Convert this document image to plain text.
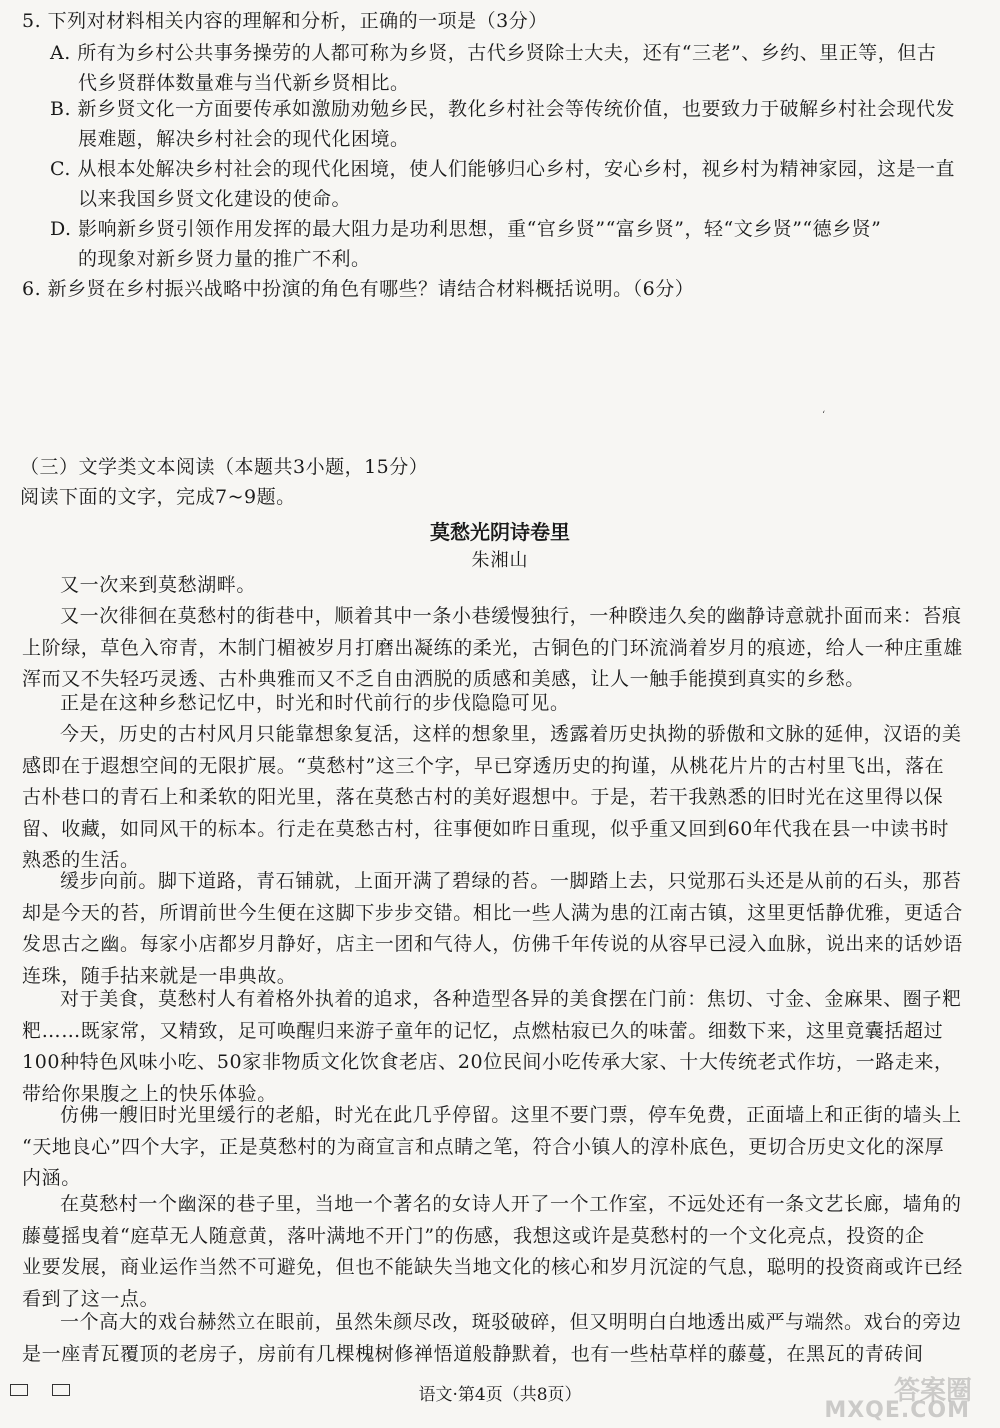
5. 下列对材料相关内容的理解和分析，正确的一项是（3分）
A. 所有为乡村公共事务操劳的人都可称为乡贤，古代乡贤除士大夫，还有“三老”、乡约、里正等，但古
代乡贤群体数量难与当代新乡贤相比。
B. 新乡贤文化一方面要传承如激励劝勉乡民，教化乡村社会等传统价值，也要致力于破解乡村社会现代发
展难题，解决乡村社会的现代化困境。
C. 从根本处解决乡村社会的现代化困境，使人们能够归心乡村，安心乡村，视乡村为精神家园，这是一直
以来我国乡贤文化建设的使命。
D. 影响新乡贤引领作用发挥的最大阻力是功利思想，重“官乡贤”“富乡贤”，轻“文乡贤”“德乡贤”
的现象对新乡贤力量的推广不利。
6. 新乡贤在乡村振兴战略中扮演的角色有哪些？请结合材料概括说明。（6分）
ʻ
（三）文学类文本阅读（本题共3小题，15分）
阅读下面的文字，完成7~9题。
莫愁光阴诗卷里
朱湘山
又一次来到莫愁湖畔。
又一次徘徊在莫愁村的街巷中，顺着其中一条小巷缓慢独行，一种睽违久矣的幽静诗意就扑面而来：苔痕
上阶绿，草色入帘青，木制门楣被岁月打磨出凝练的柔光，古铜色的门环流淌着岁月的痕迹，给人一种庄重雄
浑而又不失轻巧灵透、古朴典雅而又不乏自由洒脱的质感和美感，让人一触手能摸到真实的乡愁。
正是在这种乡愁记忆中，时光和时代前行的步伐隐隐可见。
今天，历史的古村风月只能靠想象复活，这样的想象里，透露着历史执拗的骄傲和文脉的延伸，汉语的美
感即在于遐想空间的无限扩展。“莫愁村”这三个字，早已穿透历史的拘谨，从桃花片片的古村里飞出，落在
古朴巷口的青石上和柔软的阳光里，落在莫愁古村的美好遐想中。于是，若干我熟悉的旧时光在这里得以保
留、收藏，如同风干的标本。行走在莫愁古村，往事便如昨日重现，似乎重又回到60年代我在县一中读书时
熟悉的生活。
缓步向前。脚下道路，青石铺就，上面开满了碧绿的苔。一脚踏上去，只觉那石头还是从前的石头，那苔
却是今天的苔，所谓前世今生便在这脚下步步交错。相比一些人满为患的江南古镇，这里更恬静优雅，更适合
发思古之幽。每家小店都岁月静好，店主一团和气待人，仿佛千年传说的从容早已浸入血脉，说出来的话妙语
连珠，随手拈来就是一串典故。
对于美食，莫愁村人有着格外执着的追求，各种造型各异的美食摆在门前：焦切、寸金、金麻果、圈子粑
粑……既家常，又精致，足可唤醒归来游子童年的记忆，点燃枯寂已久的味蕾。细数下来，这里竟囊括超过
100种特色风味小吃、50家非物质文化饮食老店、20位民间小吃传承大家、十大传统老式作坊，一路走来，
带给你果腹之上的快乐体验。
仿佛一艘旧时光里缓行的老船，时光在此几乎停留。这里不要门票，停车免费，正面墙上和正街的墙头上
“天地良心”四个大字，正是莫愁村的为商宣言和点睛之笔，符合小镇人的淳朴底色，更切合历史文化的深厚
内涵。
在莫愁村一个幽深的巷子里，当地一个著名的女诗人开了一个工作室，不远处还有一条文艺长廊，墙角的
藤蔓摇曳着“庭草无人随意黄，落叶满地不开门”的伤感，我想这或许是莫愁村的一个文化亮点，投资的企
业要发展，商业运作当然不可避免，但也不能缺失当地文化的核心和岁月沉淀的气息，聪明的投资商或许已经
看到了这一点。
一个高大的戏台赫然立在眼前，虽然朱颜尽改，斑驳破碎，但又明明白白地透出威严与端然。戏台的旁边
是一座青瓦覆顶的老房子，房前有几棵槐树修禅悟道般静默着，也有一些枯草样的藤蔓，在黑瓦的青砖间
语文·第4页（共8页）	答案圈
MXQE.COM
